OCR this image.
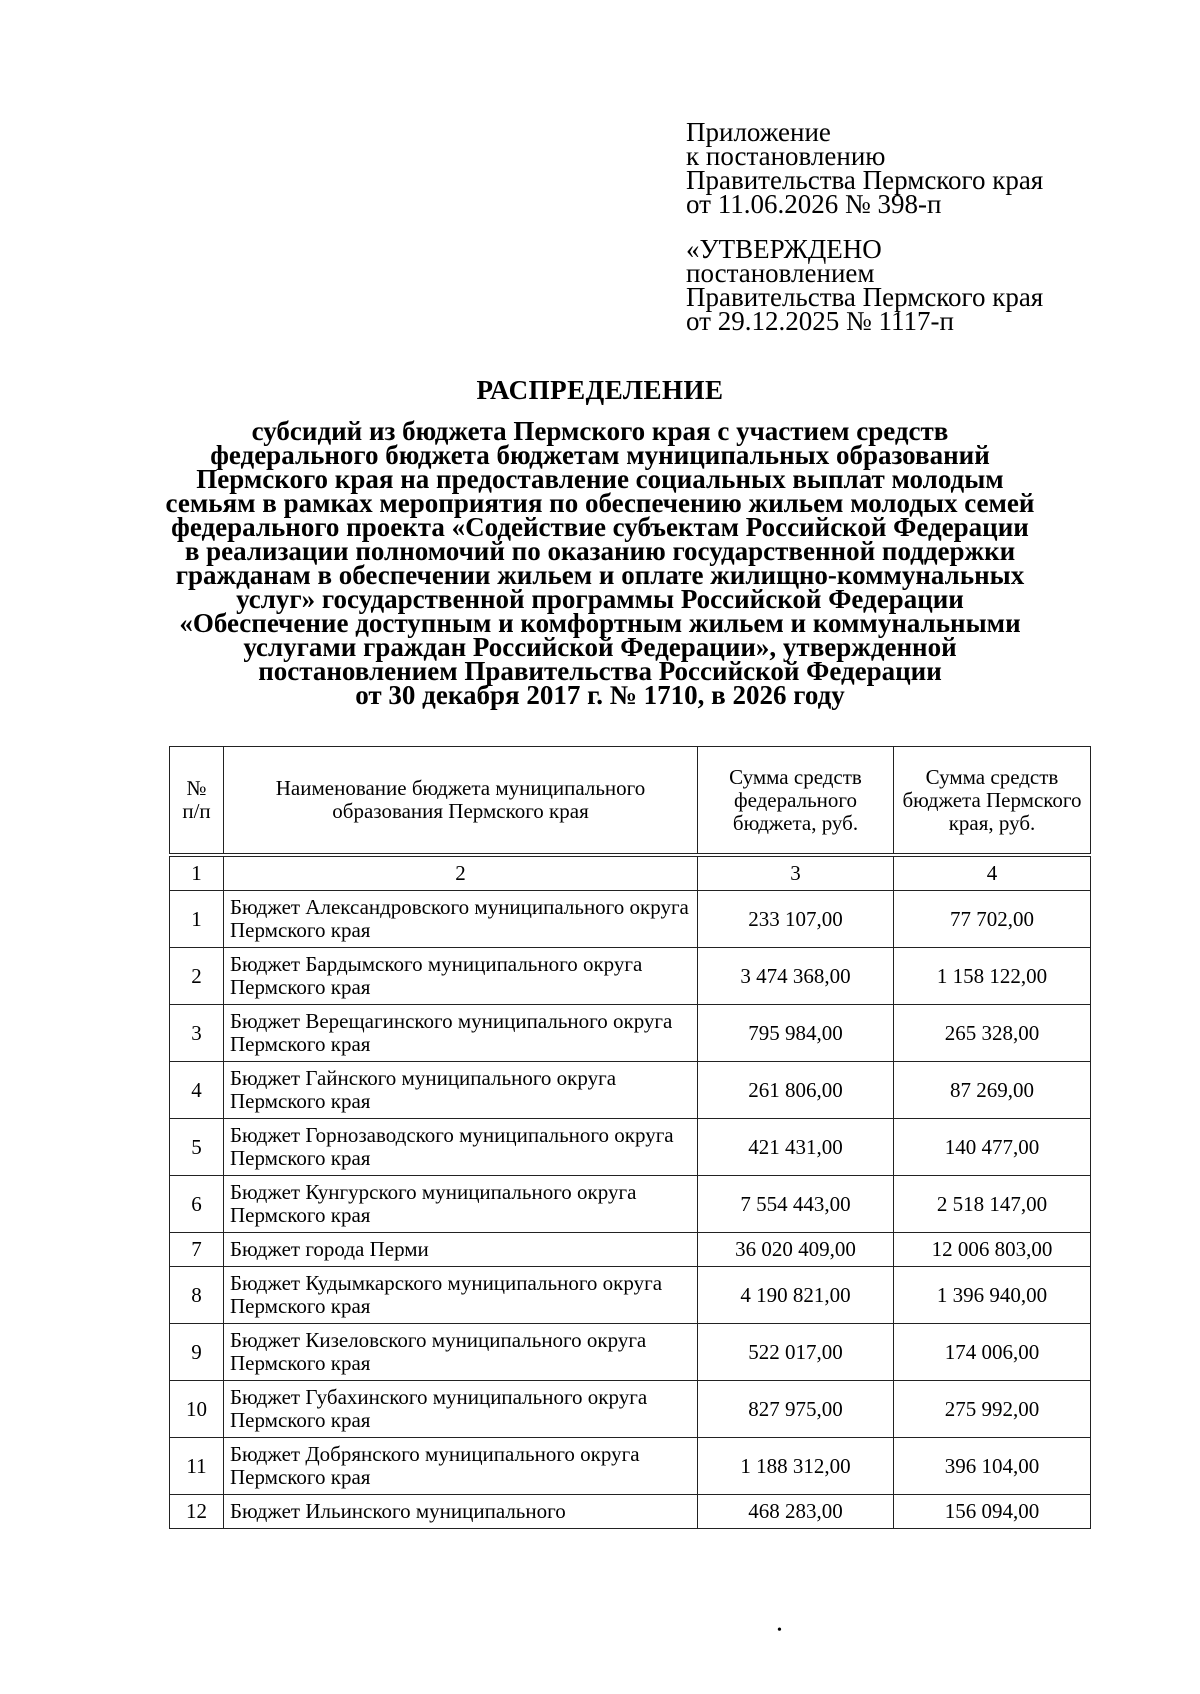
Приложение
к постановлению
Правительства Пермского края
от 11.06.2026 № 398-п
«УТВЕРЖДЕНО
постановлением
Правительства Пермского края
от 29.12.2025 № 1117-п
РАСПРЕДЕЛЕНИЕ
субсидий из бюджета Пермского края с участием средств
федерального бюджета бюджетам муниципальных образований
Пермского края на предоставление социальных выплат молодым
семьям в рамках мероприятия по обеспечению жильем молодых семей
федерального проекта «Содействие субъектам Российской Федерации
в реализации полномочий по оказанию государственной поддержки
гражданам в обеспечении жильем и оплате жилищно-коммунальных
услуг» государственной программы Российской Федерации
«Обеспечение доступным и комфортным жильем и коммунальными
услугами граждан Российской Федерации», утвержденной
постановлением Правительства Российской Федерации
от 30 декабря 2017 г. № 1710, в 2026 году
№
п/п	Наименование бюджета муниципального образования Пермского края	Сумма средств федерального бюджета, руб.	Сумма средств бюджета Пермского края, руб.

1	2	3	4
1	Бюджет Александровского муниципального округа Пермского края	233 107,00	77 702,00
2	Бюджет Бардымского муниципального округа Пермского края	3 474 368,00	1 158 122,00
3	Бюджет Верещагинского муниципального округа Пермского края	795 984,00	265 328,00
4	Бюджет Гайнского муниципального округа Пермского края	261 806,00	87 269,00
5	Бюджет Горнозаводского муниципального округа Пермского края	421 431,00	140 477,00
6	Бюджет Кунгурского муниципального округа Пермского края	7 554 443,00	2 518 147,00
7	Бюджет города Перми	36 020 409,00	12 006 803,00
8	Бюджет Кудымкарского муниципального округа Пермского края	4 190 821,00	1 396 940,00
9	Бюджет Кизеловского муниципального округа Пермского края	522 017,00	174 006,00
10	Бюджет Губахинского муниципального округа Пермского края	827 975,00	275 992,00
11	Бюджет Добрянского муниципального округа Пермского края	1 188 312,00	396 104,00
12	Бюджет Ильинского муниципального	468 283,00	156 094,00
•
